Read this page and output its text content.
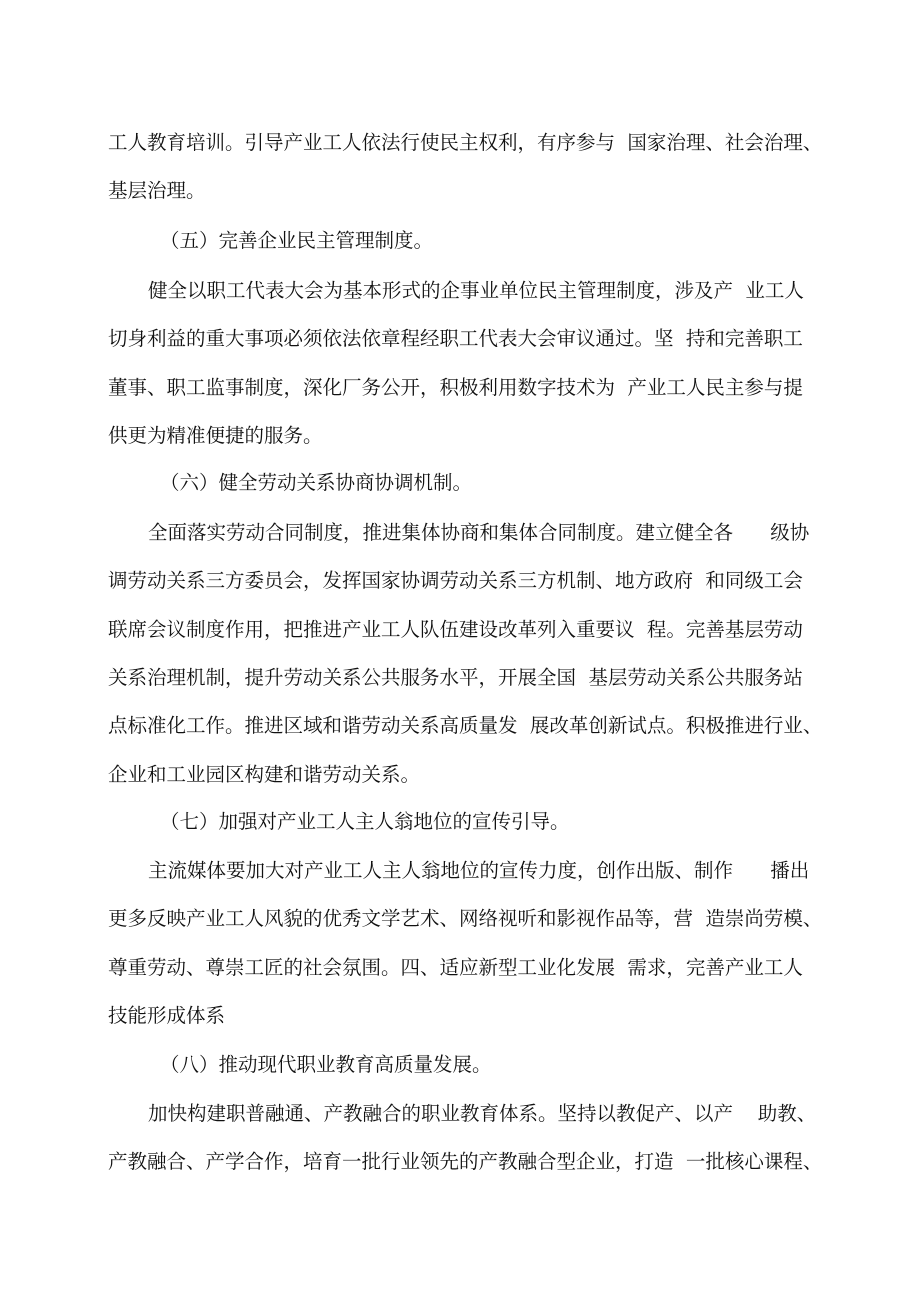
工人教育培训。引导产业工人依法行使民主权利，有序参与  国家治理、社会治理、
基层治理。
（五）完善企业民主管理制度。
健全以职工代表大会为基本形式的企事业单位民主管理制度，涉及产  业工人
切身利益的重大事项必须依法依章程经职工代表大会审议通过。坚  持和完善职工
董事、职工监事制度，深化厂务公开，积极利用数字技术为  产业工人民主参与提
供更为精准便捷的服务。
（六）健全劳动关系协商协调机制。
全面落实劳动合同制度，推进集体协商和集体合同制度。建立健全各      级协
调劳动关系三方委员会，发挥国家协调劳动关系三方机制、地方政府  和同级工会
联席会议制度作用，把推进产业工人队伍建设改革列入重要议  程。完善基层劳动
关系治理机制，提升劳动关系公共服务水平，开展全国  基层劳动关系公共服务站
点标准化工作。推进区域和谐劳动关系高质量发  展改革创新试点。积极推进行业、
企业和工业园区构建和谐劳动关系。
（七）加强对产业工人主人翁地位的宣传引导。
主流媒体要加大对产业工人主人翁地位的宣传力度，创作出版、制作      播出
更多反映产业工人风貌的优秀文学艺术、网络视听和影视作品等，营  造崇尚劳模、
尊重劳动、尊崇工匠的社会氛围。四、适应新型工业化发展  需求，完善产业工人
技能形成体系
（八）推动现代职业教育高质量发展。
加快构建职普融通、产教融合的职业教育体系。坚持以教促产、以产    助教、
产教融合、产学合作，培育一批行业领先的产教融合型企业，打造  一批核心课程、
